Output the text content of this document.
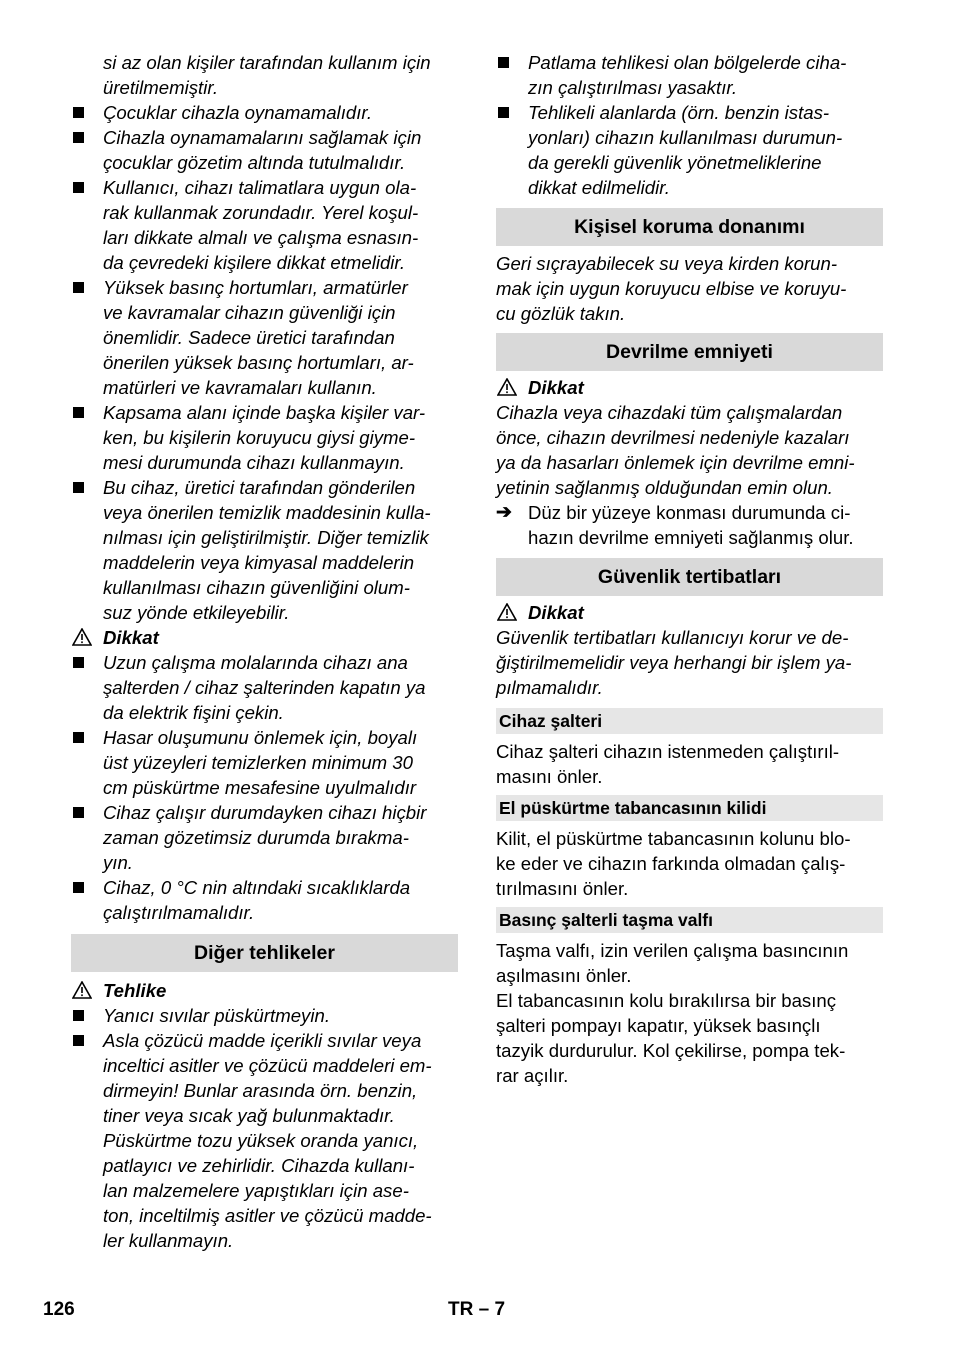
si az olan kişiler tarafından kullanım için
üretilmemiştir.
Çocuklar cihazla oynamamalıdır.
Cihazla oynamamalarını sağlamak için
çocuklar gözetim altında tutulmalıdır.
Kullanıcı, cihazı talimatlara uygun ola-
rak kullanmak zorundadır. Yerel koşul-
ları dikkate almalı ve çalışma esnasın-
da çevredeki kişilere dikkat etmelidir.
Yüksek basınç hortumları, armatürler
ve kavramalar cihazın güvenliği için
önemlidir. Sadece üretici tarafından
önerilen yüksek basınç hortumları, ar-
matürleri ve kavramaları kullanın.
Kapsama alanı içinde başka kişiler var-
ken, bu kişilerin koruyucu giysi giyme-
mesi durumunda cihazı kullanmayın.
Bu cihaz, üretici tarafından gönderilen
veya önerilen temizlik maddesinin kulla-
nılması için geliştirilmiştir. Diğer temizlik
maddelerin veya kimyasal maddelerin
kullanılması cihazın güvenliğini olum-
suz yönde etkileyebilir.
Dikkat
Uzun çalışma molalarında cihazı ana
şalterden / cihaz şalterinden kapatın ya
da elektrik fişini çekin.
Hasar oluşumunu önlemek için, boyalı
üst yüzeyleri temizlerken minimum 30
cm püskürtme mesafesine uyulmalıdır
Cihaz çalışır durumdayken cihazı hiçbir
zaman gözetimsiz durumda bırakma-
yın.
Cihaz, 0 °C nin altındaki sıcaklıklarda
çalıştırılmamalıdır.
Diğer tehlikeler
Tehlike
Yanıcı sıvılar püskürtmeyin.
Asla çözücü madde içerikli sıvılar veya
inceltici asitler ve çözücü maddeleri em-
dirmeyin! Bunlar arasında örn. benzin,
tiner veya sıcak yağ bulunmaktadır.
Püskürtme tozu yüksek oranda yanıcı,
patlayıcı ve zehirlidir. Cihazda kullanı-
lan malzemelere yapıştıkları için ase-
ton, inceltilmiş asitler ve çözücü madde-
ler kullanmayın.
Patlama tehlikesi olan bölgelerde ciha-
zın çalıştırılması yasaktır.
Tehlikeli alanlarda (örn. benzin istas-
yonları) cihazın kullanılması durumun-
da gerekli güvenlik yönetmeliklerine
dikkat edilmelidir.
Kişisel koruma donanımı
Geri sıçrayabilecek su veya kirden korun-
mak için uygun koruyucu elbise ve koruyu-
cu gözlük takın.
Devrilme emniyeti
Dikkat
Cihazla veya cihazdaki tüm çalışmalardan
önce, cihazın devrilmesi nedeniyle kazaları
ya da hasarları önlemek için devrilme emni-
yetinin sağlanmış olduğundan emin olun.
➔ Düz bir yüzeye konması durumunda ci-
hazın devrilme emniyeti sağlanmış olur.
Güvenlik tertibatları
Dikkat
Güvenlik tertibatları kullanıcıyı korur ve de-
ğiştirilmemelidir veya herhangi bir işlem ya-
pılmamalıdır.
Cihaz şalteri
Cihaz şalteri cihazın istenmeden çalıştırıl-
masını önler.
El püskürtme tabancasının kilidi
Kilit, el püskürtme tabancasının kolunu blo-
ke eder ve cihazın farkında olmadan çalış-
tırılmasını önler.
Basınç şalterli taşma valfı
Taşma valfı, izin verilen çalışma basıncının
aşılmasını önler.
El tabancasının kolu bırakılırsa bir basınç
şalteri pompayı kapatır, yüksek basınçlı
tazyik durdurulur. Kol çekilirse, pompa tek-
rar açılır.
126	TR – 7
